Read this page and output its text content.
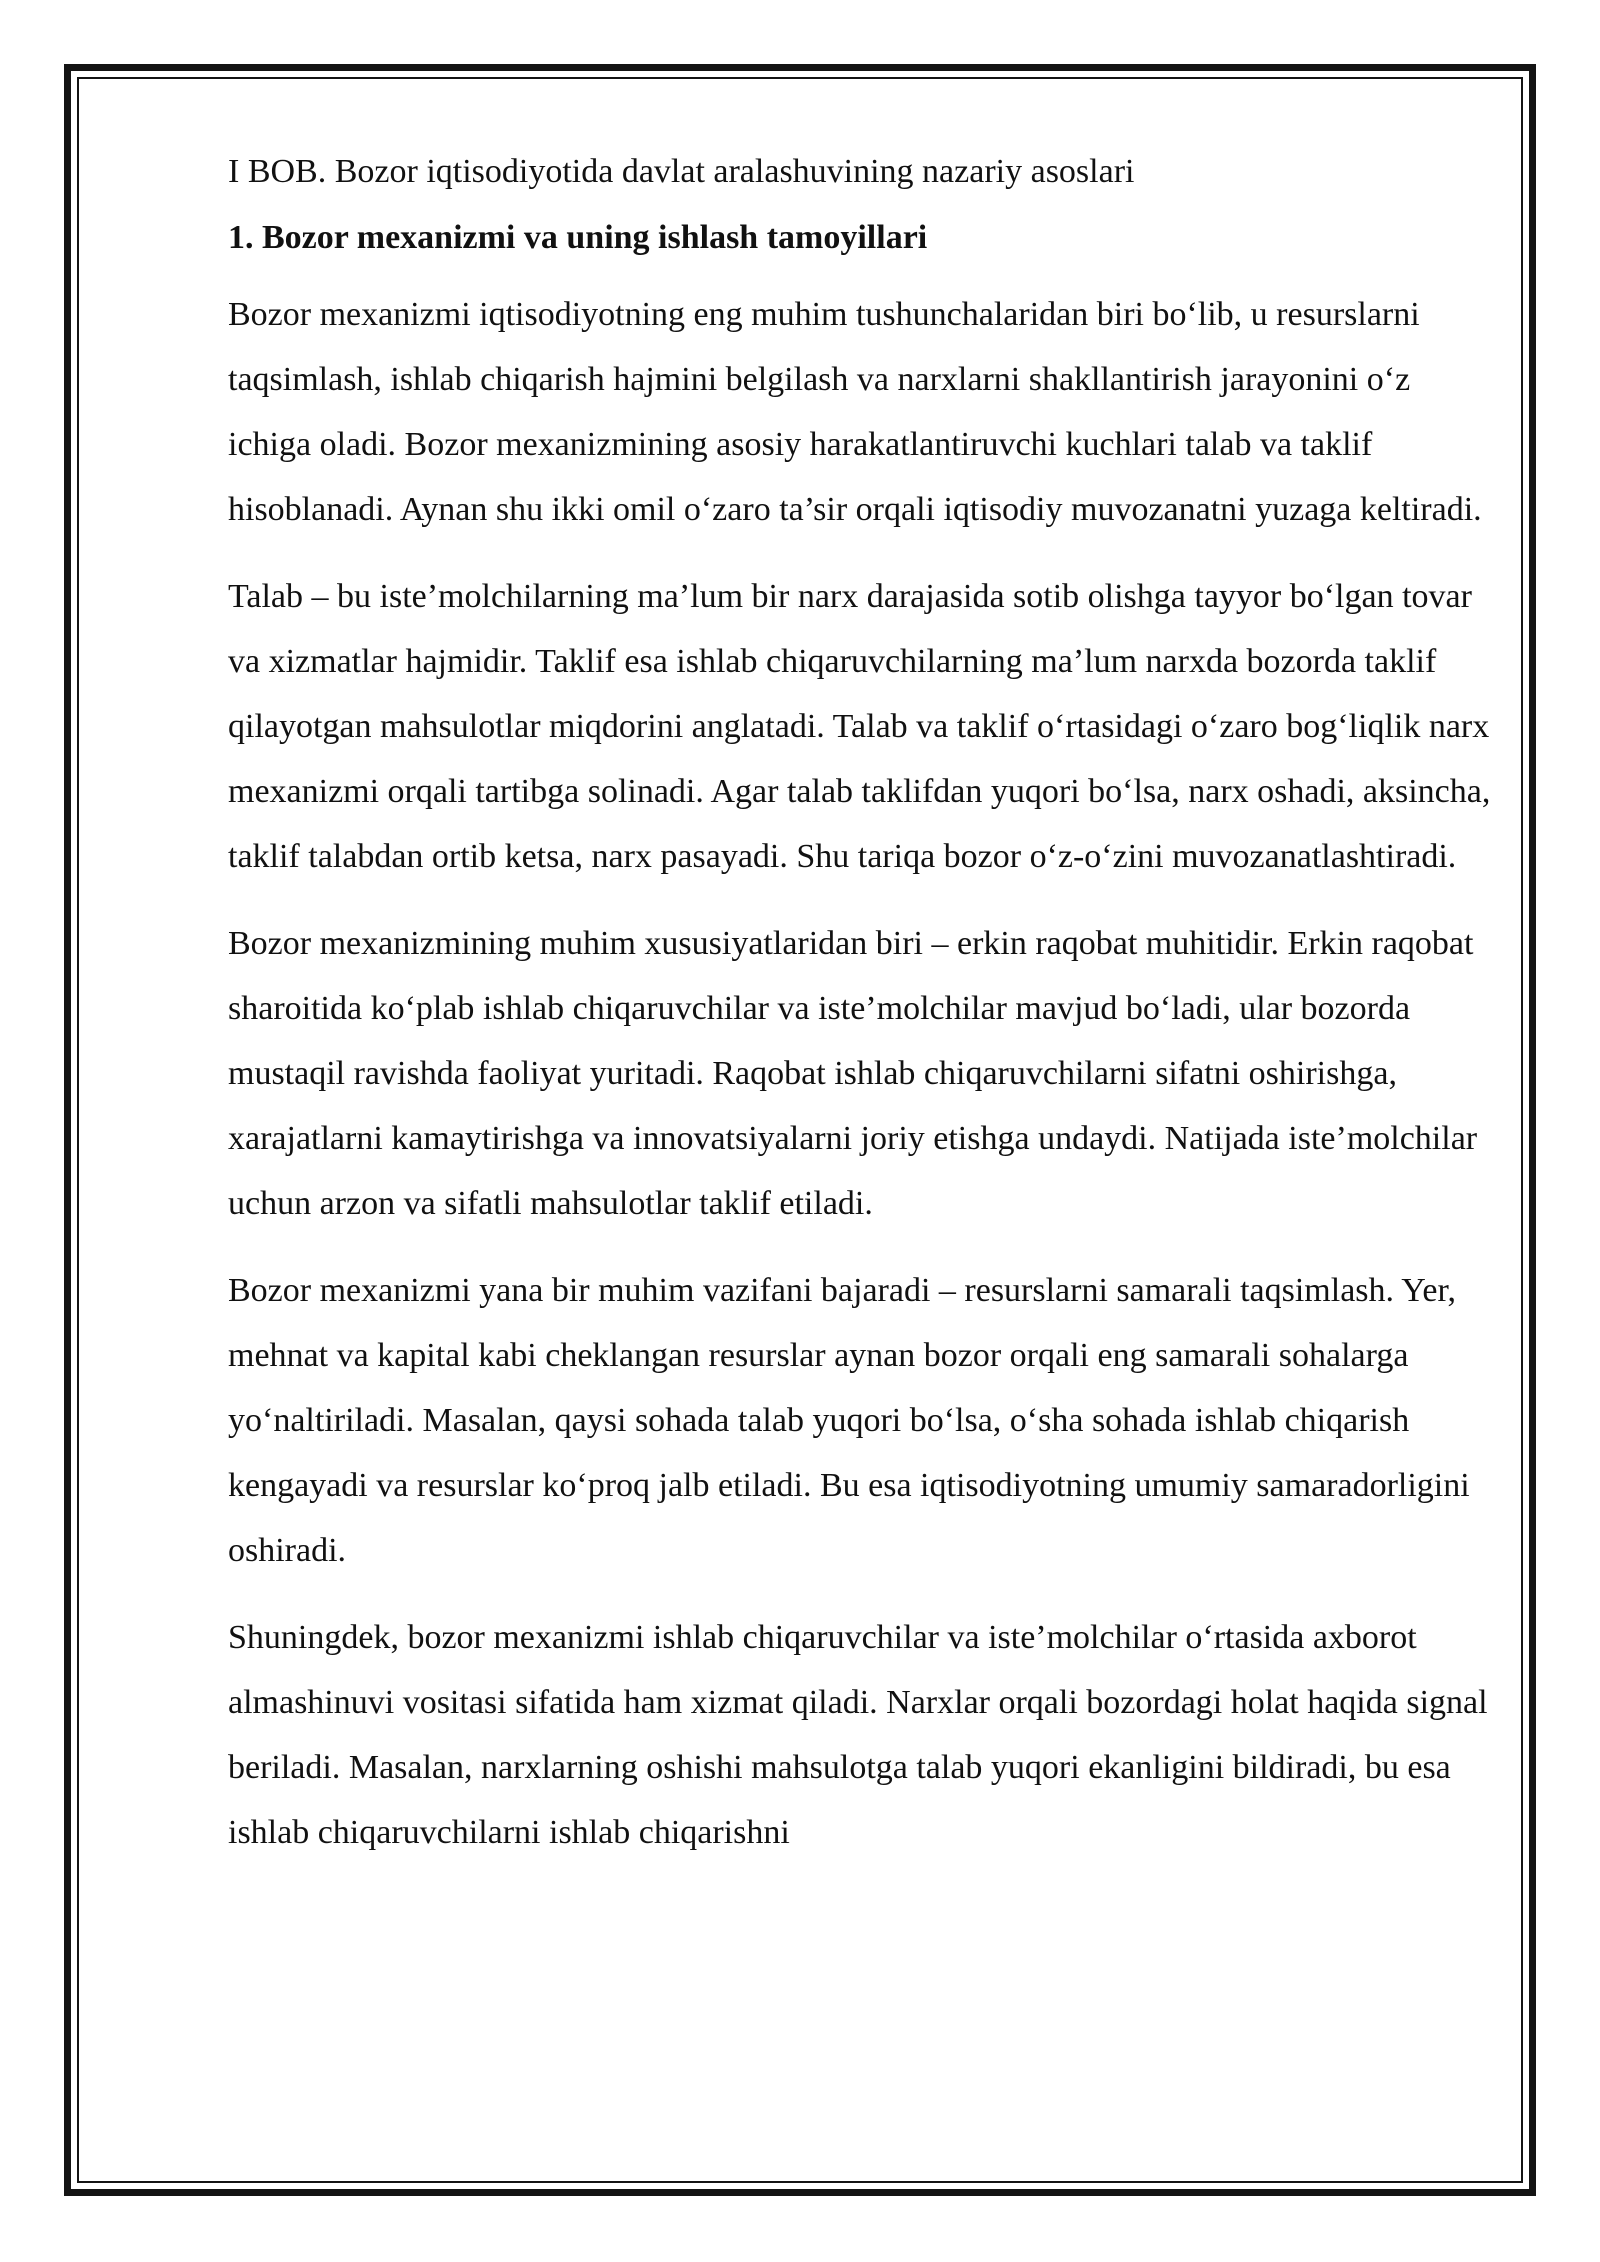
I BOB. Bozor iqtisodiyotida davlat aralashuvining nazariy asoslari
1. Bozor mexanizmi va uning ishlash tamoyillari

Bozor mexanizmi iqtisodiyotning eng muhim tushunchalaridan biri bo‘lib, u resurslarni taqsimlash, ishlab chiqarish hajmini belgilash va narxlarni shakllantirish jarayonini o‘z ichiga oladi. Bozor mexanizmining asosiy harakatlantiruvchi kuchlari talab va taklif hisoblanadi. Aynan shu ikki omil o‘zaro ta’sir orqali iqtisodiy muvozanatni yuzaga keltiradi.

Talab – bu iste’molchilarning ma’lum bir narx darajasida sotib olishga tayyor bo‘lgan tovar va xizmatlar hajmidir. Taklif esa ishlab chiqaruvchilarning ma’lum narxda bozorda taklif qilayotgan mahsulotlar miqdorini anglatadi. Talab va taklif o‘rtasidagi o‘zaro bog‘liqlik narx mexanizmi orqali tartibga solinadi. Agar talab taklifdan yuqori bo‘lsa, narx oshadi, aksincha, taklif talabdan ortib ketsa, narx pasayadi. Shu tariqa bozor o‘z-o‘zini muvozanatlashtiradi.

Bozor mexanizmining muhim xususiyatlaridan biri – erkin raqobat muhitidir. Erkin raqobat sharoitida ko‘plab ishlab chiqaruvchilar va iste’molchilar mavjud bo‘ladi, ular bozorda mustaqil ravishda faoliyat yuritadi. Raqobat ishlab chiqaruvchilarni sifatni oshirishga, xarajatlarni kamaytirishga va innovatsiyalarni joriy etishga undaydi. Natijada iste’molchilar uchun arzon va sifatli mahsulotlar taklif etiladi.

Bozor mexanizmi yana bir muhim vazifani bajaradi – resurslarni samarali taqsimlash. Yer, mehnat va kapital kabi cheklangan resurslar aynan bozor orqali eng samarali sohalarga yo‘naltiriladi. Masalan, qaysi sohada talab yuqori bo‘lsa, o‘sha sohada ishlab chiqarish kengayadi va resurslar ko‘proq jalb etiladi. Bu esa iqtisodiyotning umumiy samaradorligini oshiradi.

Shuningdek, bozor mexanizmi ishlab chiqaruvchilar va iste’molchilar o‘rtasida axborot almashinuvi vositasi sifatida ham xizmat qiladi. Narxlar orqali bozordagi holat haqida signal beriladi. Masalan, narxlarning oshishi mahsulotga talab yuqori ekanligini bildiradi, bu esa ishlab chiqaruvchilarni ishlab chiqarishni
